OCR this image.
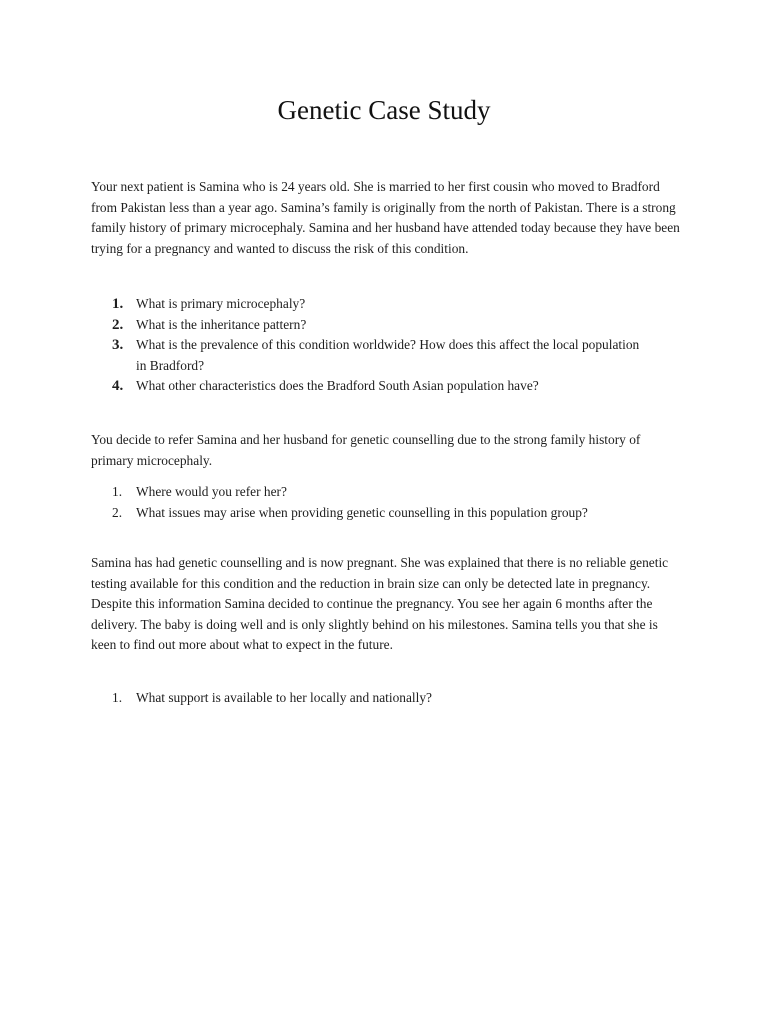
Genetic Case Study

Your next patient is Samina who is 24 years old. She is married to her first cousin who moved to Bradford from Pakistan less than a year ago. Samina’s family is originally from the north of Pakistan. There is a strong family history of primary microcephaly. Samina and her husband have attended today because they have been trying for a pregnancy and wanted to discuss the risk of this condition.

1. What is primary microcephaly?
2. What is the inheritance pattern?
3. What is the prevalence of this condition worldwide? How does this affect the local population in Bradford?
4. What other characteristics does the Bradford South Asian population have?

You decide to refer Samina and her husband for genetic counselling due to the strong family history of primary microcephaly.

1.	Where would you refer her?
2.	What issues may arise when providing genetic counselling in this population group?

Samina has had genetic counselling and is now pregnant. She was explained that there is no reliable genetic testing available for this condition and the reduction in brain size can only be detected late in pregnancy. Despite this information Samina decided to continue the pregnancy. You see her again 6 months after the delivery. The baby is doing well and is only slightly behind on his milestones. Samina tells you that she is keen to find out more about what to expect in the future.

1.	What support is available to her locally and nationally?
